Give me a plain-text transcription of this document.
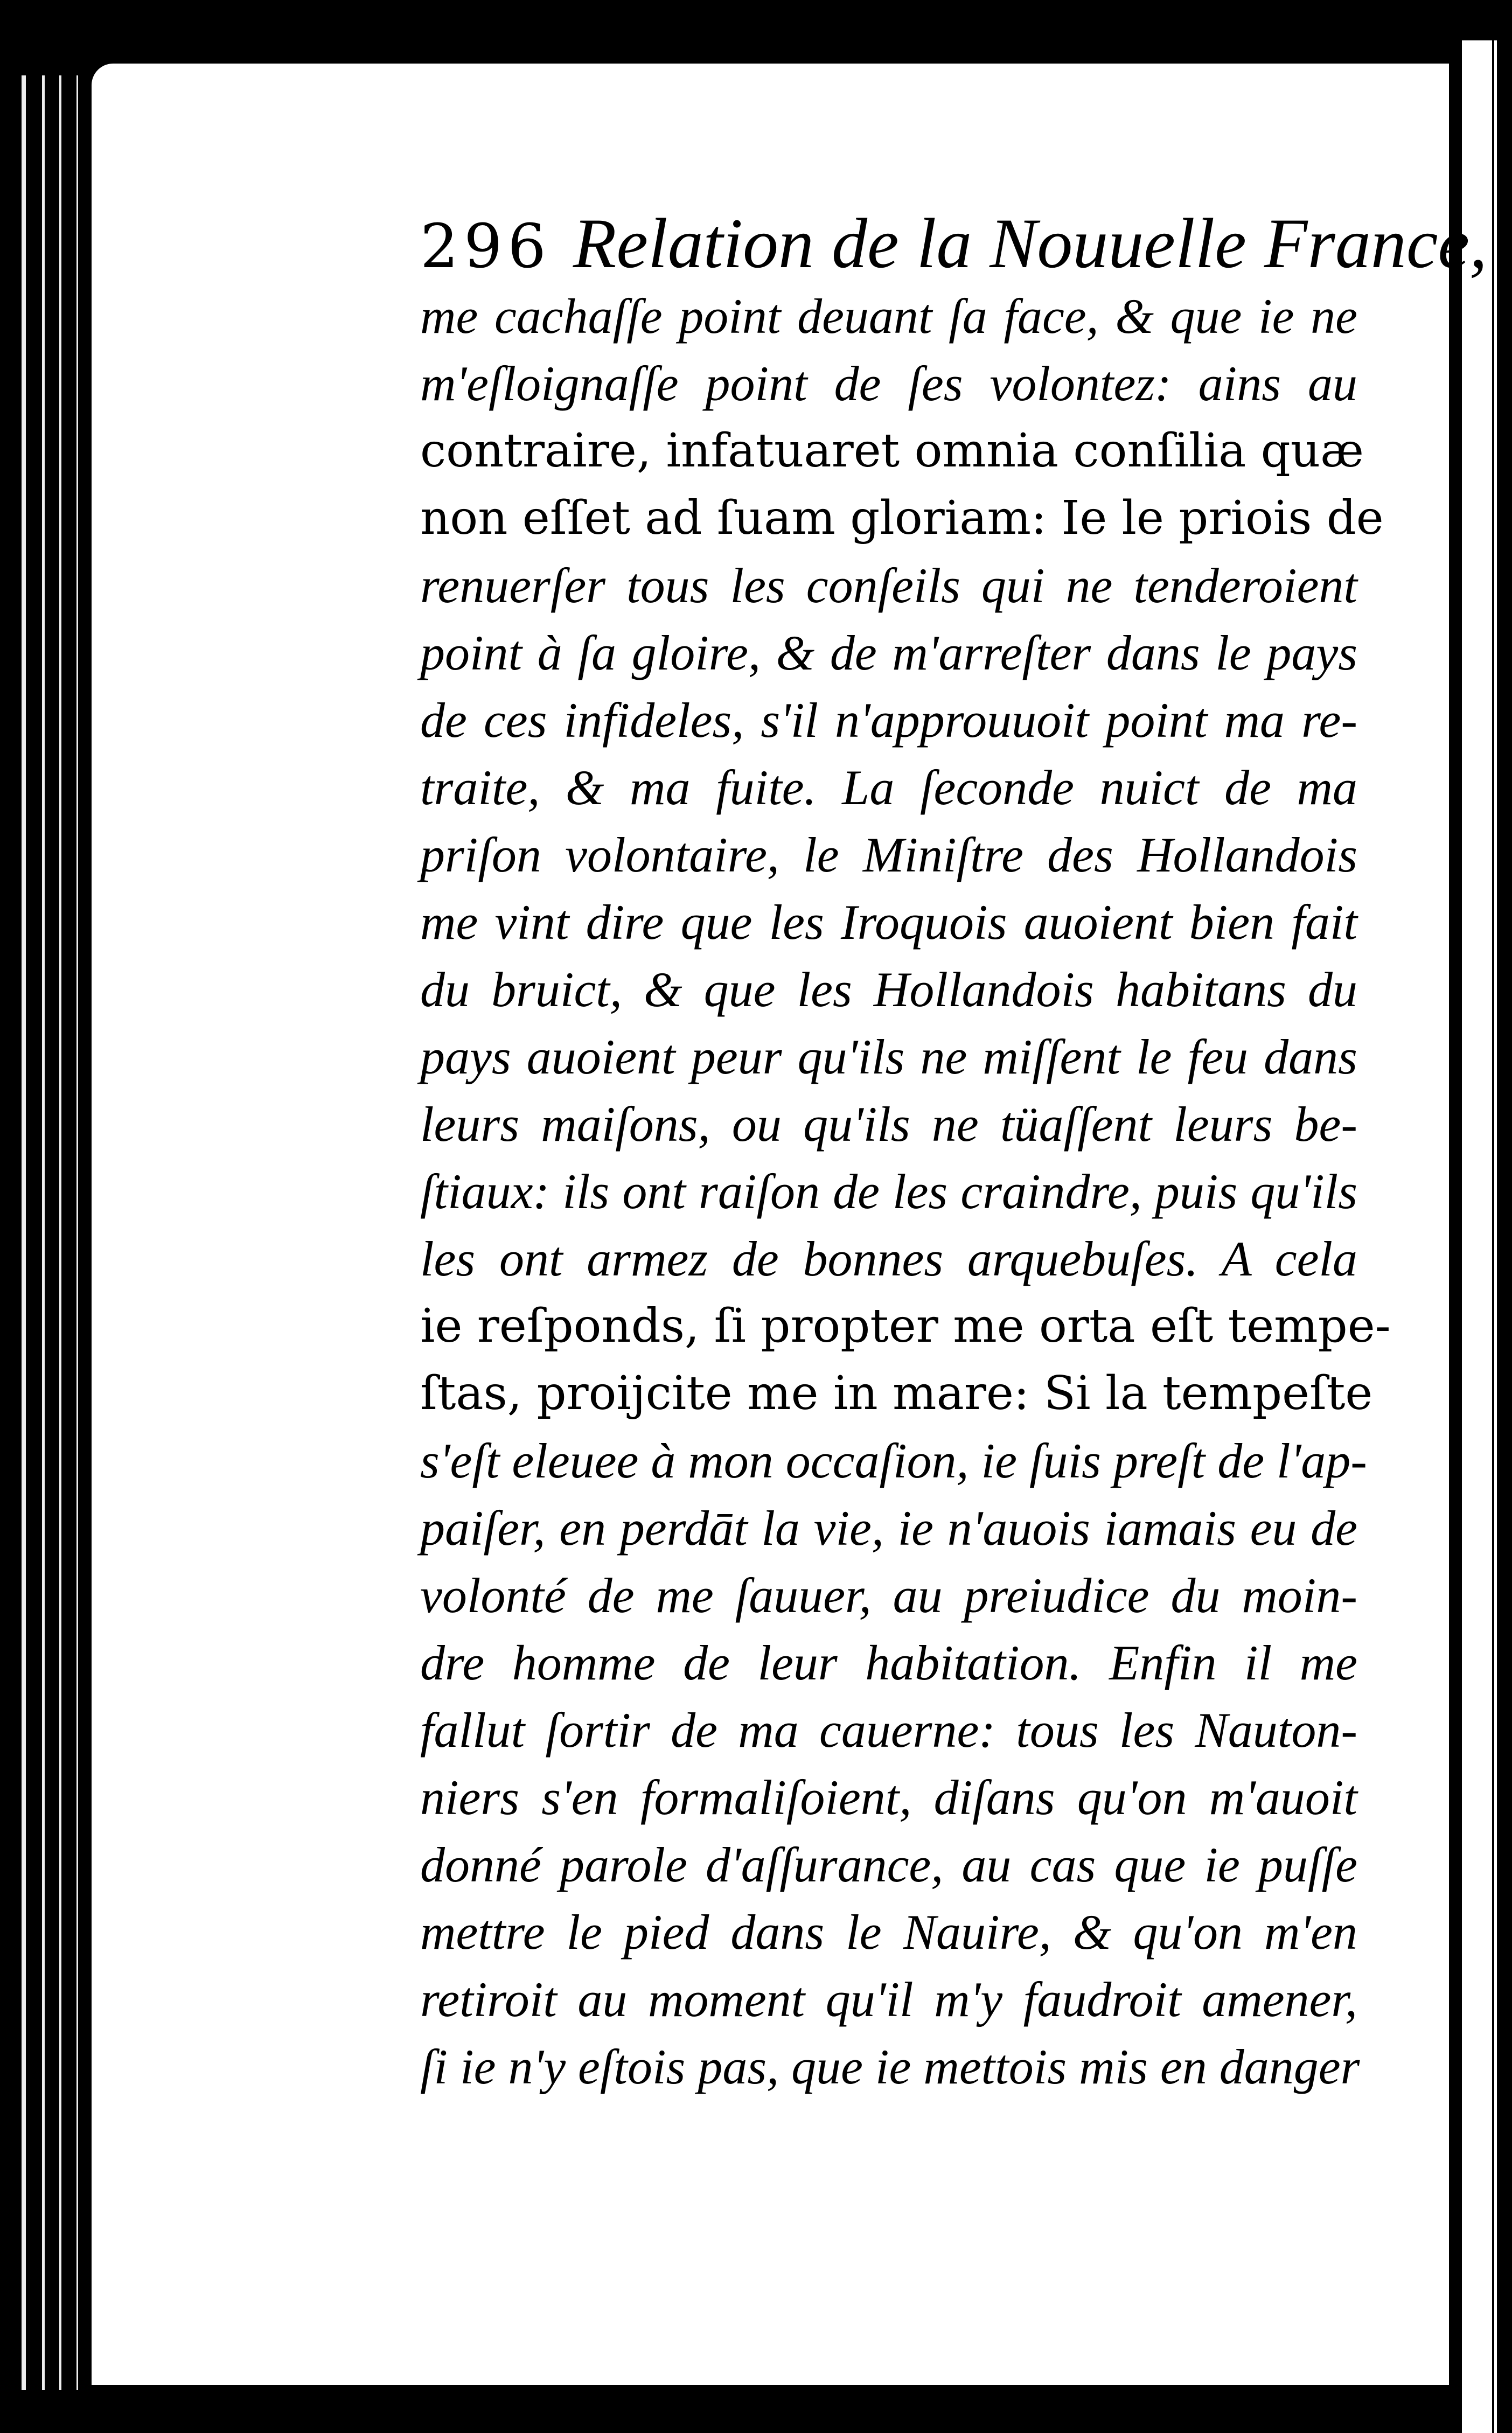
296 Relation de la Nouuelle France,
me cachaſſe point deuant ſa face, & que ie ne
m'eſloignaſſe point de ſes volontez: ains au
contraire, infatuaret omnia conſilia quæ
non eſſet ad ſuam gloriam: Ie le priois de
renuerſer tous les conſeils qui ne tenderoient
point à ſa gloire, & de m'arreſter dans le pays
de ces infideles, s'il n'approuuoit point ma re-
traite, & ma fuite. La ſeconde nuict de ma
priſon volontaire, le Miniſtre des Hollandois
me vint dire que les Iroquois auoient bien fait
du bruict, & que les Hollandois habitans du
pays auoient peur qu'ils ne miſſent le feu dans
leurs maiſons, ou qu'ils ne tüaſſent leurs be-
ſtiaux: ils ont raiſon de les craindre, puis qu'ils
les ont armez de bonnes arquebuſes. A cela
ie reſponds, ſi propter me orta eſt tempe-
ſtas, proijcite me in mare: Si la tempeſte
s'eſt eleuee à mon occaſion, ie ſuis preſt de l'ap-
paiſer, en perdāt la vie, ie n'auois iamais eu de
volonté de me ſauuer, au preiudice du moin-
dre homme de leur habitation. Enfin il me
fallut ſortir de ma cauerne: tous les Nauton-
niers s'en formaliſoient, diſans qu'on m'auoit
donné parole d'aſſurance, au cas que ie puſſe
mettre le pied dans le Nauire, & qu'on m'en
retiroit au moment qu'il m'y faudroit amener,
ſi ie n'y eſtois pas, que ie mettois mis en danger
